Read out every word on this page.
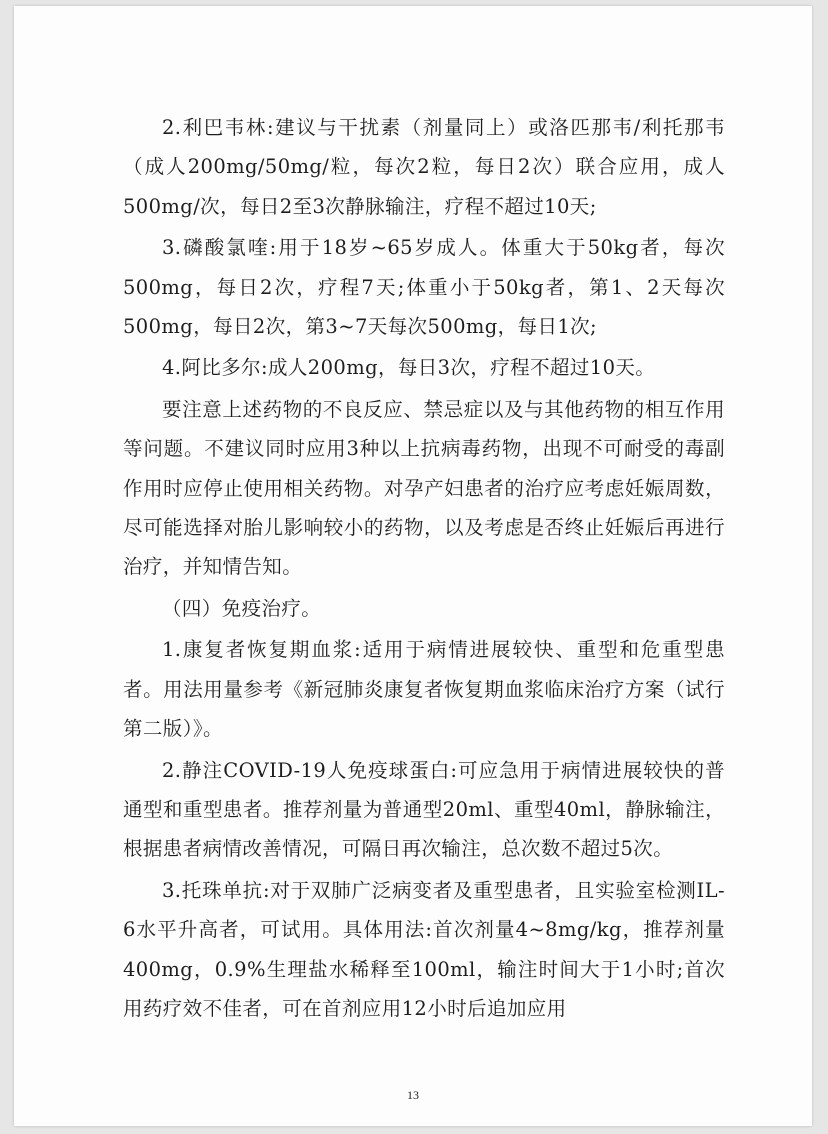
2.利巴韦林:建议与干扰素（剂量同上）或洛匹那韦/利托那韦（成人200mg/50mg/粒，每次2粒，每日2次）联合应用，成人500mg/次，每日2至3次静脉输注，疗程不超过10天;

3.磷酸氯喹:用于18岁~65岁成人。体重大于50kg者，每次500mg，每日2次，疗程7天;体重小于50kg者，第1、2天每次500mg，每日2次，第3~7天每次500mg，每日1次;

4.阿比多尔:成人200mg，每日3次，疗程不超过10天。

要注意上述药物的不良反应、禁忌症以及与其他药物的相互作用等问题。不建议同时应用3种以上抗病毒药物，出现不可耐受的毒副作用时应停止使用相关药物。对孕产妇患者的治疗应考虑妊娠周数，尽可能选择对胎儿影响较小的药物，以及考虑是否终止妊娠后再进行治疗，并知情告知。

（四）免疫治疗。

1.康复者恢复期血浆:适用于病情进展较快、重型和危重型患者。用法用量参考《新冠肺炎康复者恢复期血浆临床治疗方案（试行第二版）》。

2.静注COVID-19人免疫球蛋白:可应急用于病情进展较快的普通型和重型患者。推荐剂量为普通型20ml、重型40ml，静脉输注，根据患者病情改善情况，可隔日再次输注，总次数不超过5次。

3.托珠单抗:对于双肺广泛病变者及重型患者，且实验室检测IL-6水平升高者，可试用。具体用法:首次剂量4~8mg/kg，推荐剂量400mg，0.9%生理盐水稀释至100ml，输注时间大于1小时;首次用药疗效不佳者，可在首剂应用12小时后追加应用

13
